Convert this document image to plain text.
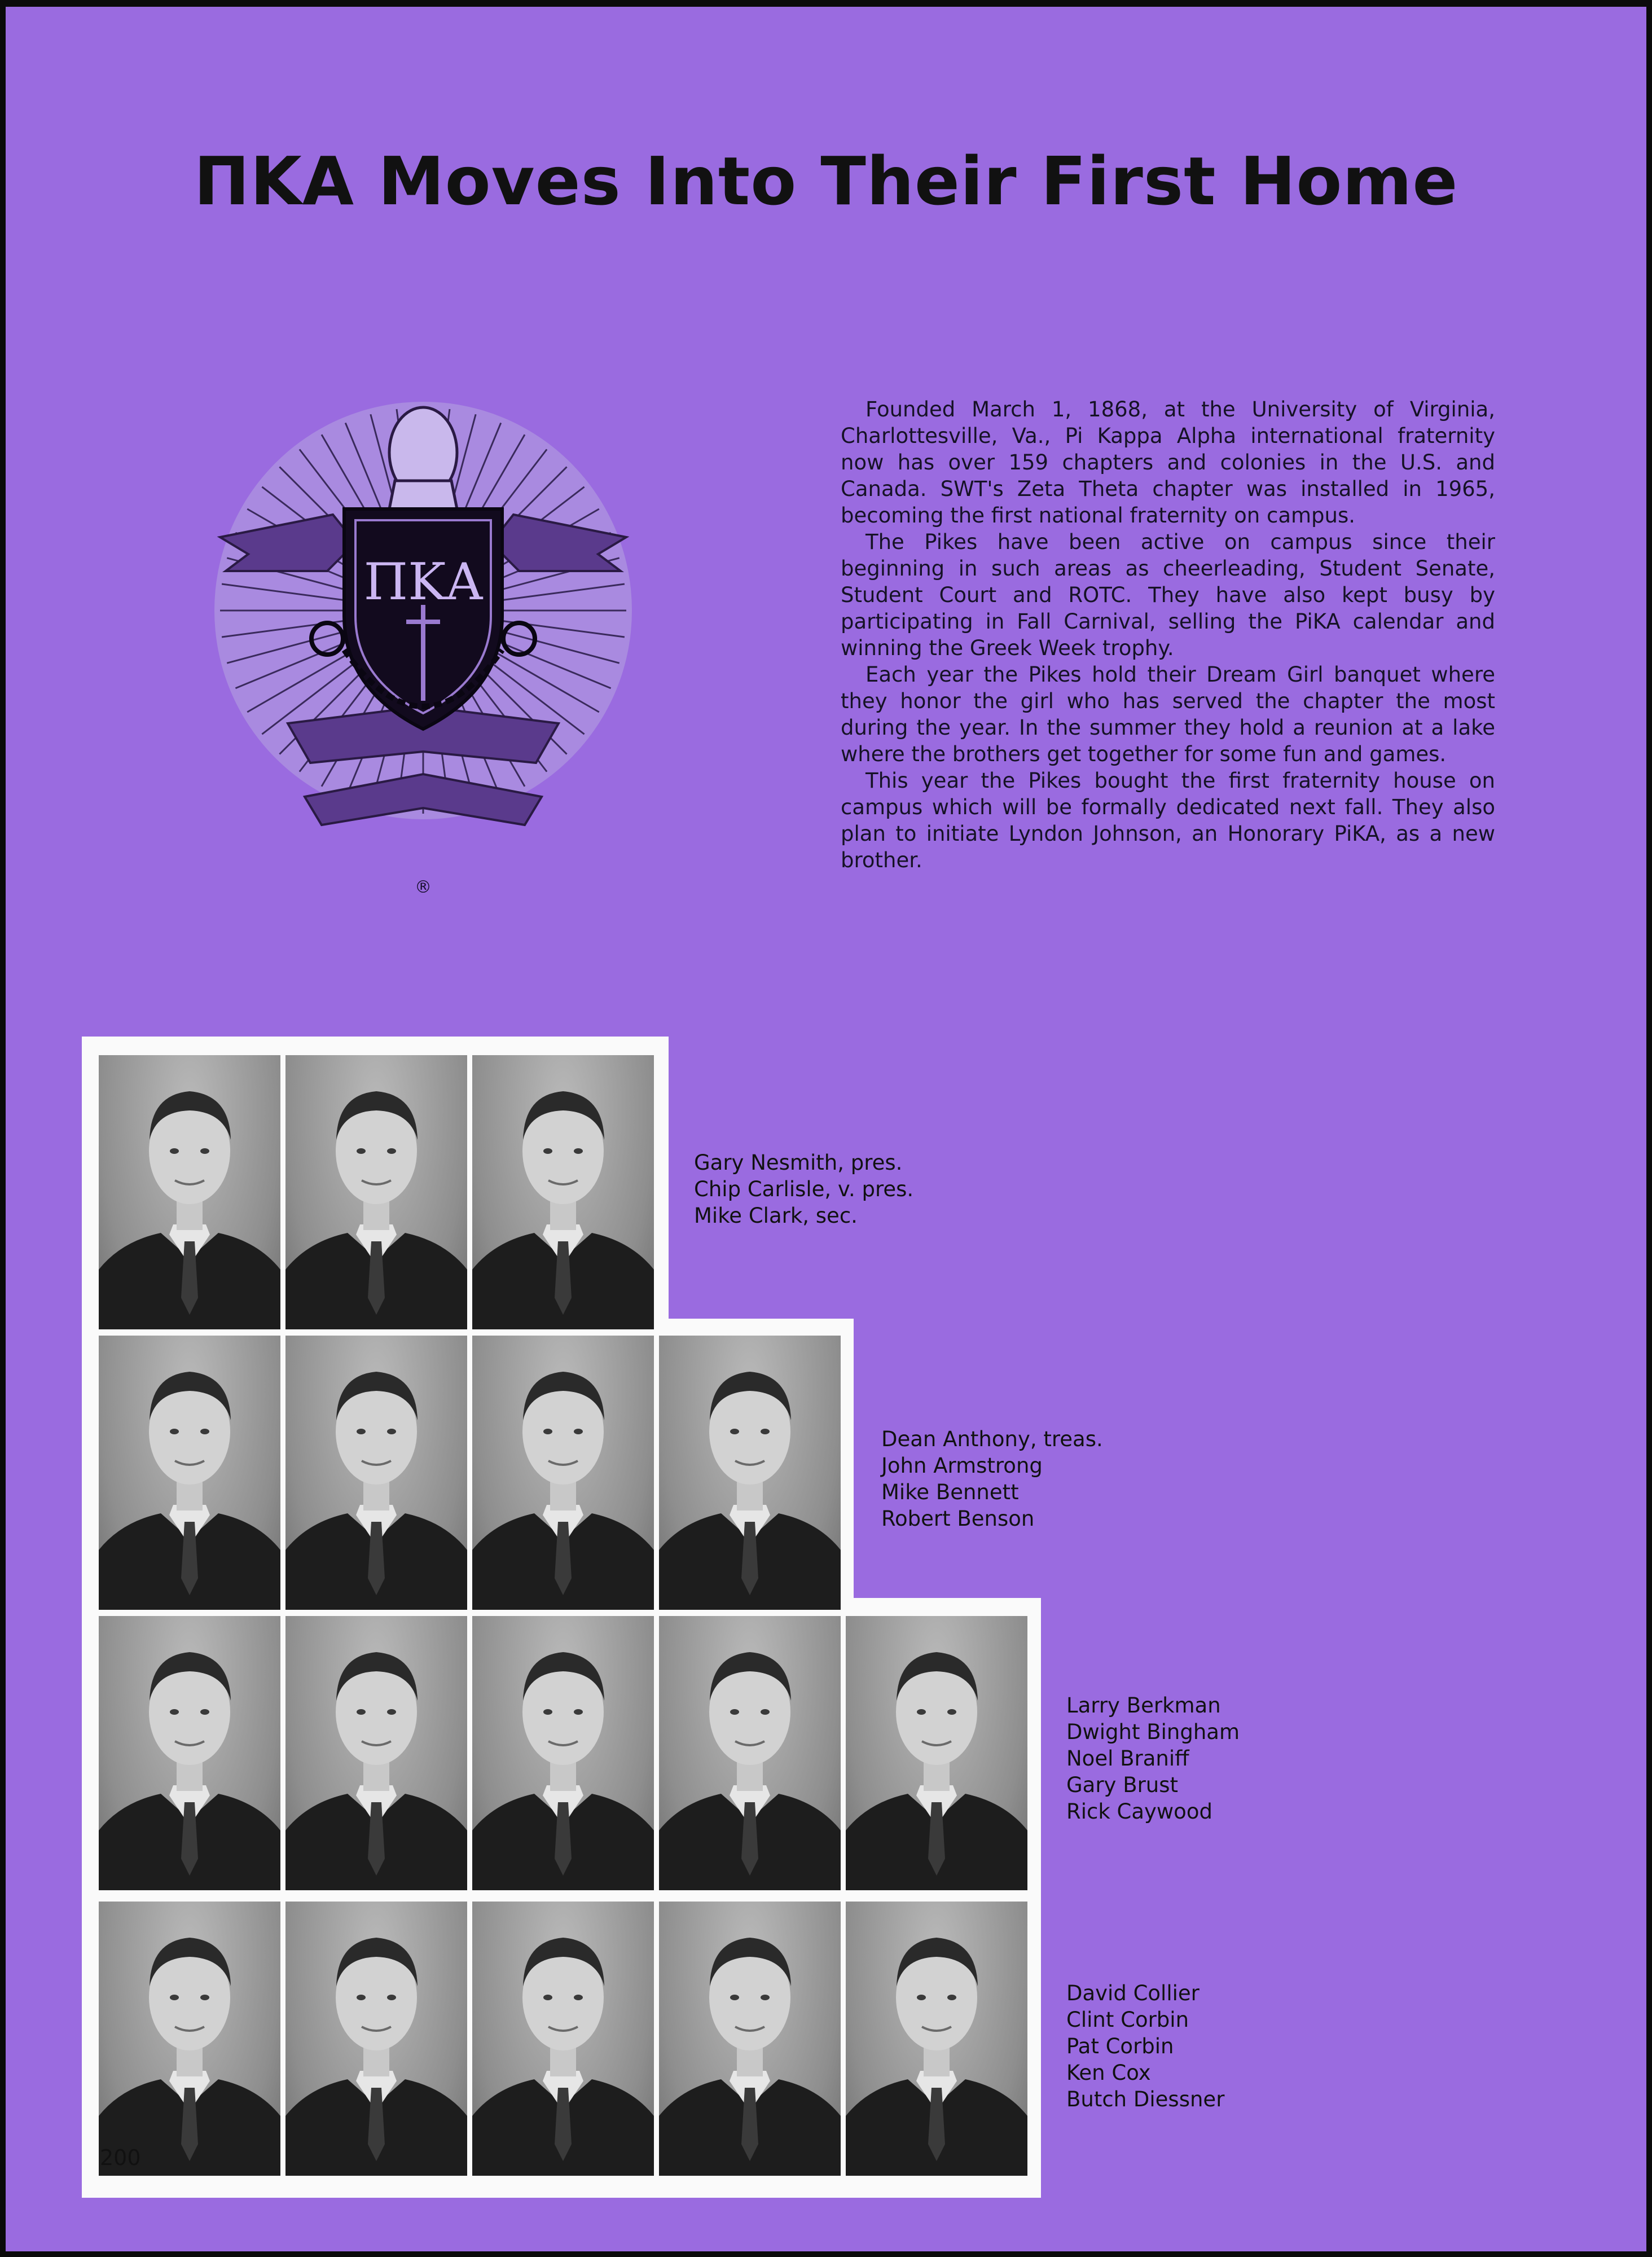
ΠΚΑ Moves Into Their First Home
ΠΚΑ
®

Founded March 1, 1868, at the University of Virginia, Charlottesville, Va., Pi Kappa Alpha international fraternity now has over 159 chapters and colonies in the U.S. and Canada. SWT's Zeta Theta chapter was installed in 1965, becoming the first national fraternity on campus.

The Pikes have been active on campus since their beginning in such areas as cheerleading, Student Senate, Student Court and ROTC. They have also kept busy by participating in Fall Carnival, selling the PiKA calendar and winning the Greek Week trophy.

Each year the Pikes hold their Dream Girl banquet where they honor the girl who has served the chapter the most during the year. In the summer they hold a reunion at a lake where the brothers get together for some fun and games.

This year the Pikes bought the first fraternity house on campus which will be formally dedicated next fall. They also plan to initiate Lyndon Johnson, an Honorary PiKA, as a new brother.

Gary Nesmith, pres.
Chip Carlisle, v. pres.
Mike Clark, sec.
Dean Anthony, treas.
John Armstrong
Mike Bennett
Robert Benson
Larry Berkman
Dwight Bingham
Noel Braniff
Gary Brust
Rick Caywood
David Collier
Clint Corbin
Pat Corbin
Ken Cox
Butch Diessner
200
